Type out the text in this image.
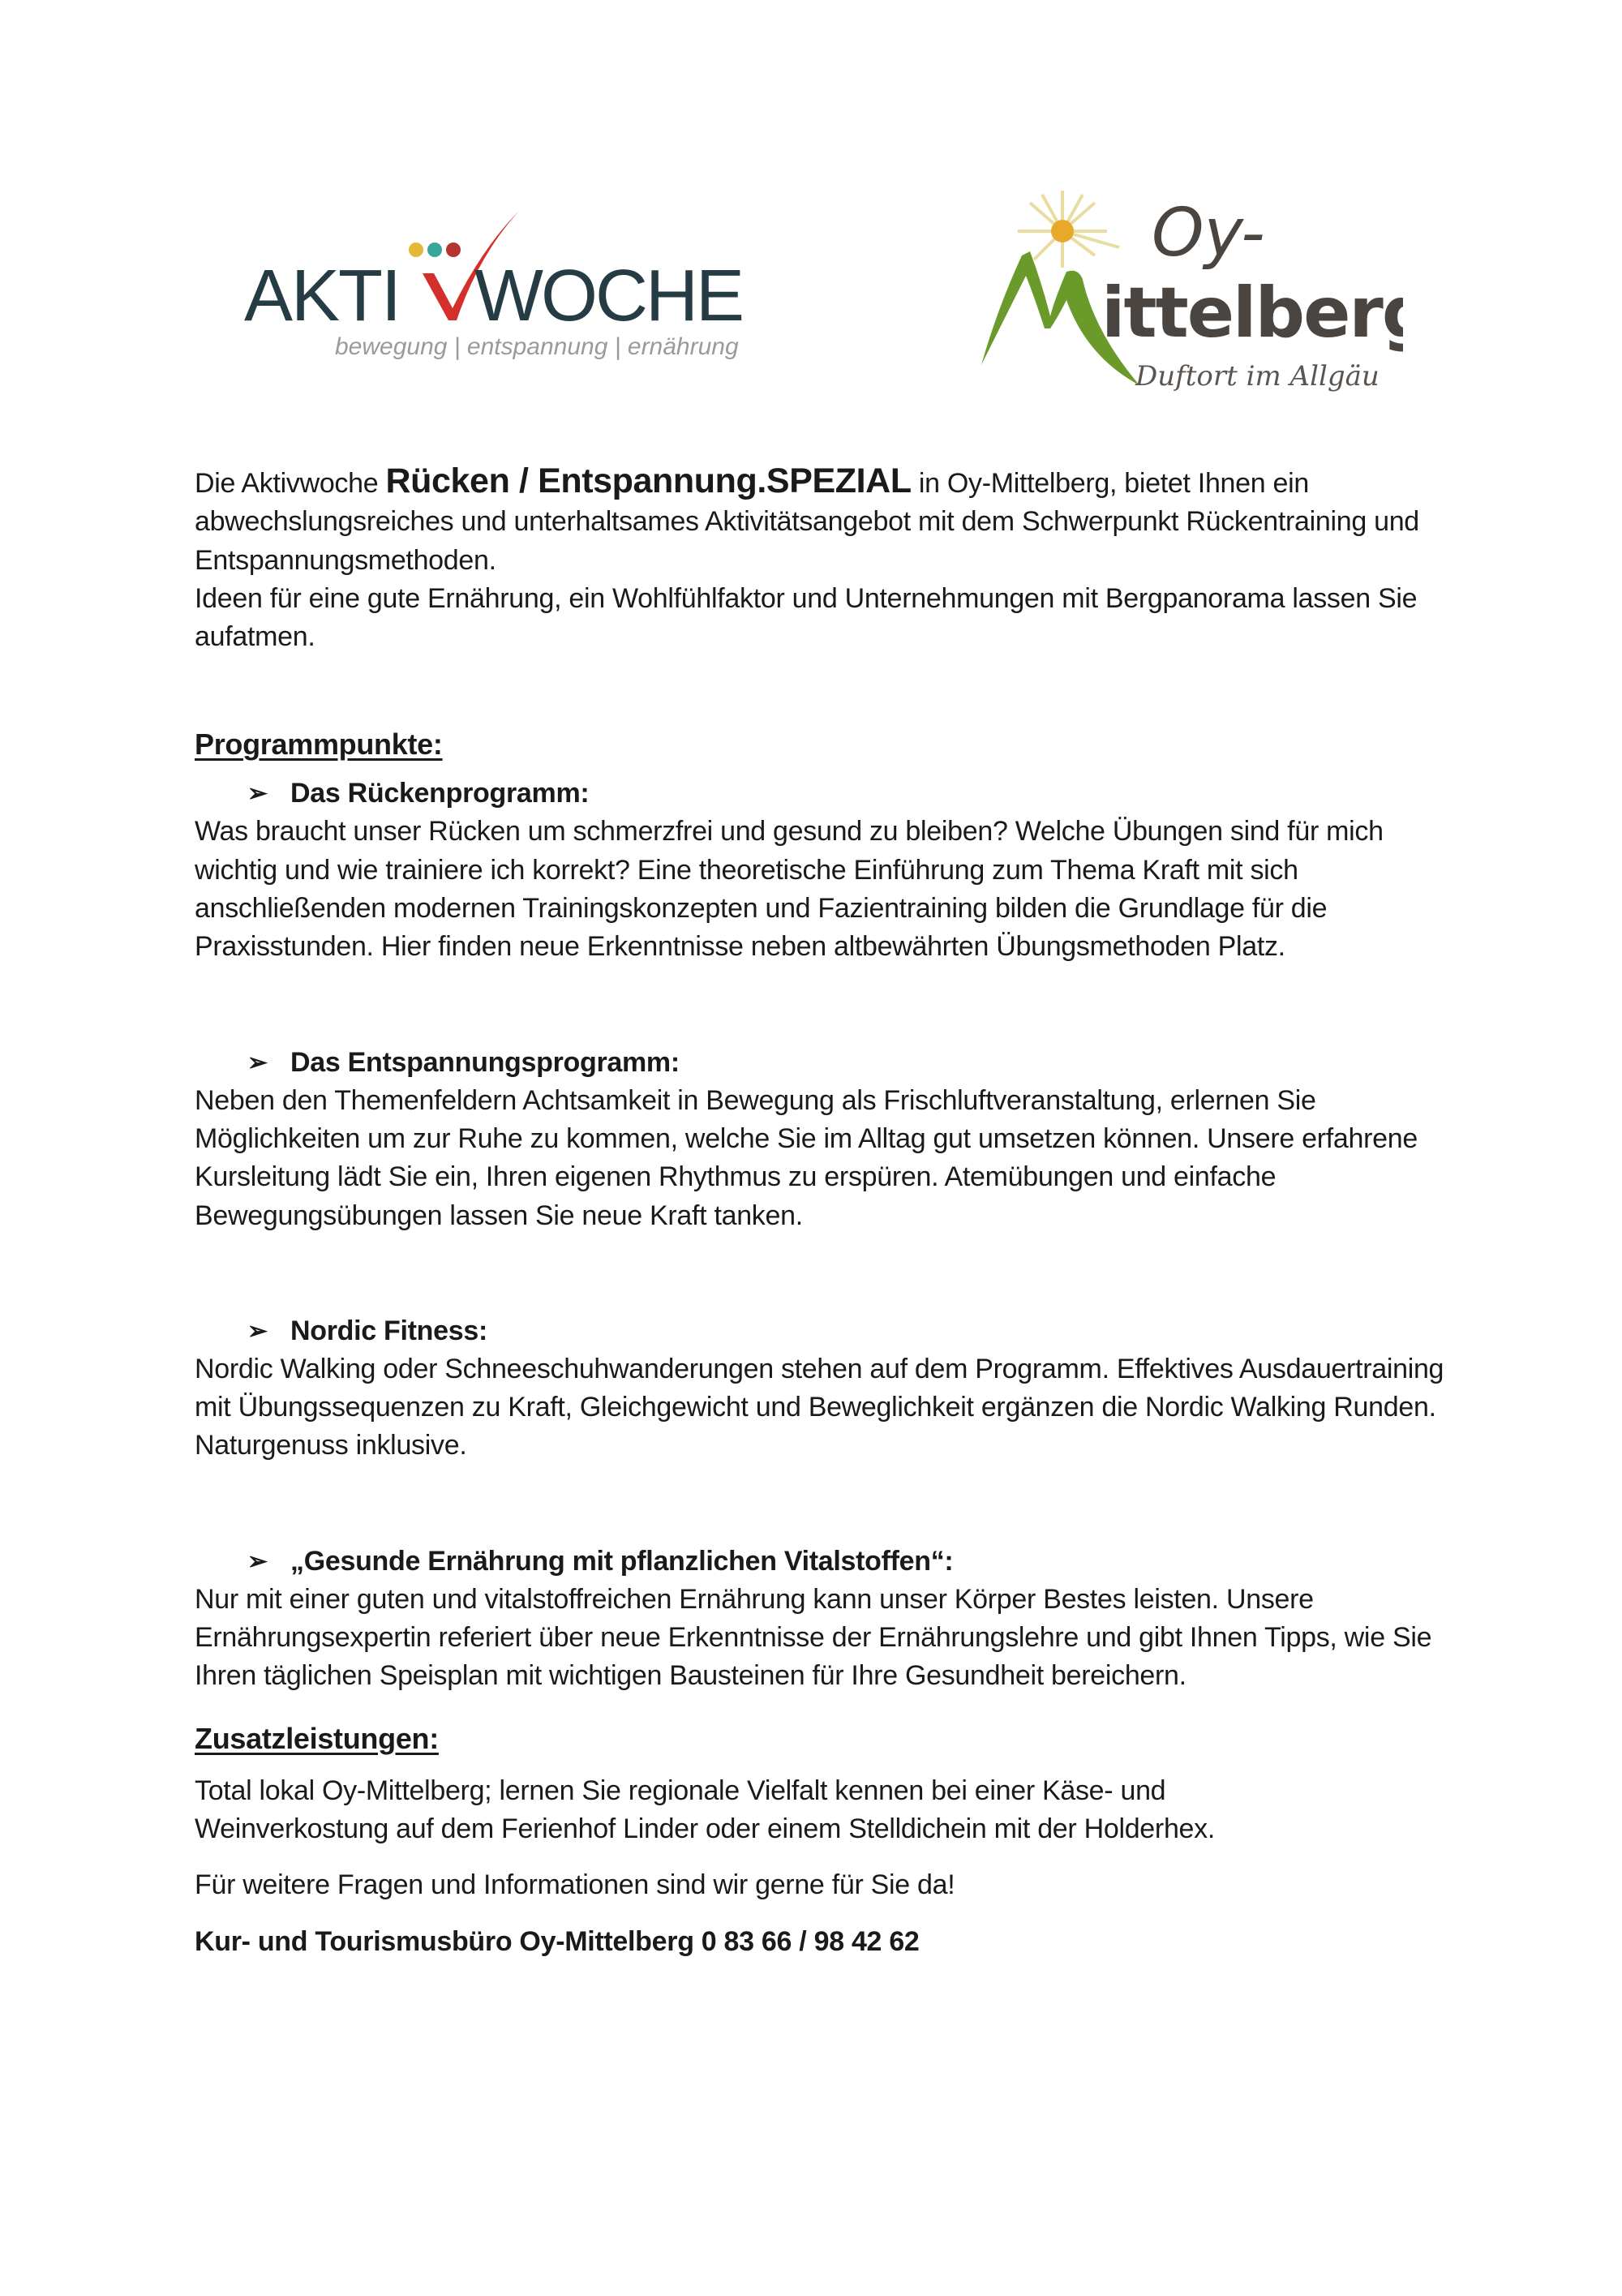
AKTI WOCHE
bewegung | entspannung | ernährung
Oy-
ittelberg
Duftort im Allgäu

Die Aktivwoche Rücken / Entspannung.SPEZIAL in Oy-Mittelberg, bietet Ihnen ein abwechslungsreiches und unterhaltsames Aktivitätsangebot mit dem Schwerpunkt Rückentraining und Entspannungsmethoden.

Ideen für eine gute Ernährung, ein Wohlfühlfaktor und Unternehmungen mit Bergpanorama lassen Sie aufatmen.

Programmpunkte:

➢ Das Rückenprogramm:

Was braucht unser Rücken um schmerzfrei und gesund zu bleiben? Welche Übungen sind für mich wichtig und wie trainiere ich korrekt? Eine theoretische Einführung zum Thema Kraft mit sich anschließenden modernen Trainingskonzepten und Fazientraining bilden die Grundlage für die Praxisstunden. Hier finden neue Erkenntnisse neben altbewährten Übungsmethoden Platz.

➢ Das Entspannungsprogramm:

Neben den Themenfeldern Achtsamkeit in Bewegung als Frischluftveranstaltung, erlernen Sie Möglichkeiten um zur Ruhe zu kommen, welche Sie im Alltag gut umsetzen können. Unsere erfahrene Kursleitung lädt Sie ein, Ihren eigenen Rhythmus zu erspüren. Atemübungen und einfache Bewegungsübungen lassen Sie neue Kraft tanken.

➢ Nordic Fitness:

Nordic Walking oder Schneeschuhwanderungen stehen auf dem Programm. Effektives Ausdauertraining mit Übungssequenzen zu Kraft, Gleichgewicht und Beweglichkeit ergänzen die Nordic Walking Runden. Naturgenuss inklusive.

➢ „Gesunde Ernährung mit pflanzlichen Vitalstoffen“:

Nur mit einer guten und vitalstoffreichen Ernährung kann unser Körper Bestes leisten. Unsere Ernährungsexpertin referiert über neue Erkenntnisse der Ernährungslehre und gibt Ihnen Tipps, wie Sie Ihren täglichen Speisplan mit wichtigen Bausteinen für Ihre Gesundheit bereichern.

Zusatzleistungen:

Total lokal Oy-Mittelberg; lernen Sie regionale Vielfalt kennen bei einer Käse- und Weinverkostung auf dem Ferienhof Linder oder einem Stelldichein mit der Holderhex.

Für weitere Fragen und Informationen sind wir gerne für Sie da!

Kur- und Tourismusbüro Oy-Mittelberg 0 83 66 / 98 42 62
